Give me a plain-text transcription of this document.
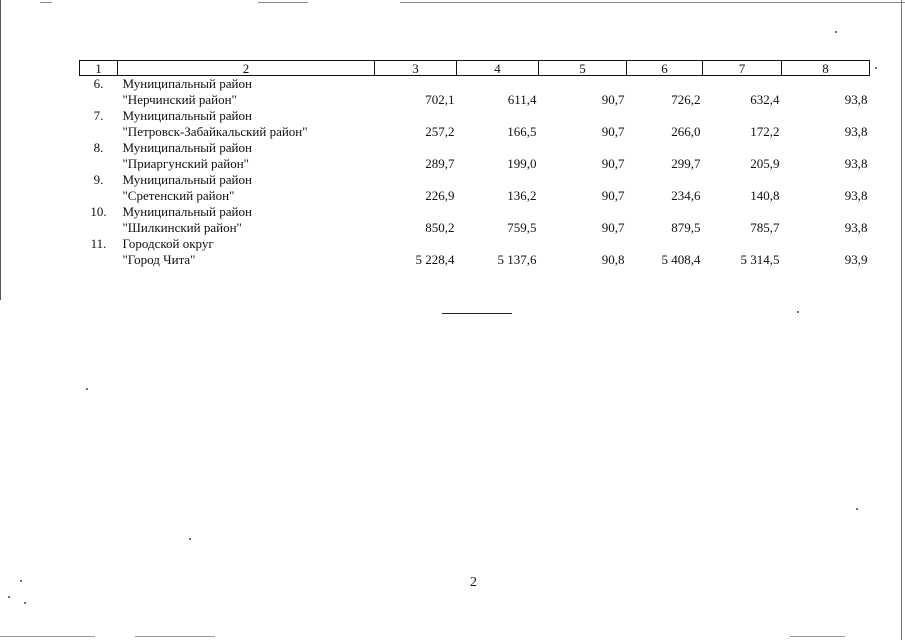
1	2	3	4	5	6	7	8
6.	Муниципальный район						
	"Нерчинский район"	702,1	611,4	90,7	726,2	632,4	93,8
7.	Муниципальный район						
	"Петровск-Забайкальский район"	257,2	166,5	90,7	266,0	172,2	93,8
8.	Муниципальный район						
	"Приаргунский район"	289,7	199,0	90,7	299,7	205,9	93,8
9.	Муниципальный район						
	"Сретенский район"	226,9	136,2	90,7	234,6	140,8	93,8
10.	Муниципальный район						
	"Шилкинский район"	850,2	759,5	90,7	879,5	785,7	93,8
11.	Городской округ						
	"Город Чита"	5 228,4	5 137,6	90,8	5 408,4	5 314,5	93,9
2
